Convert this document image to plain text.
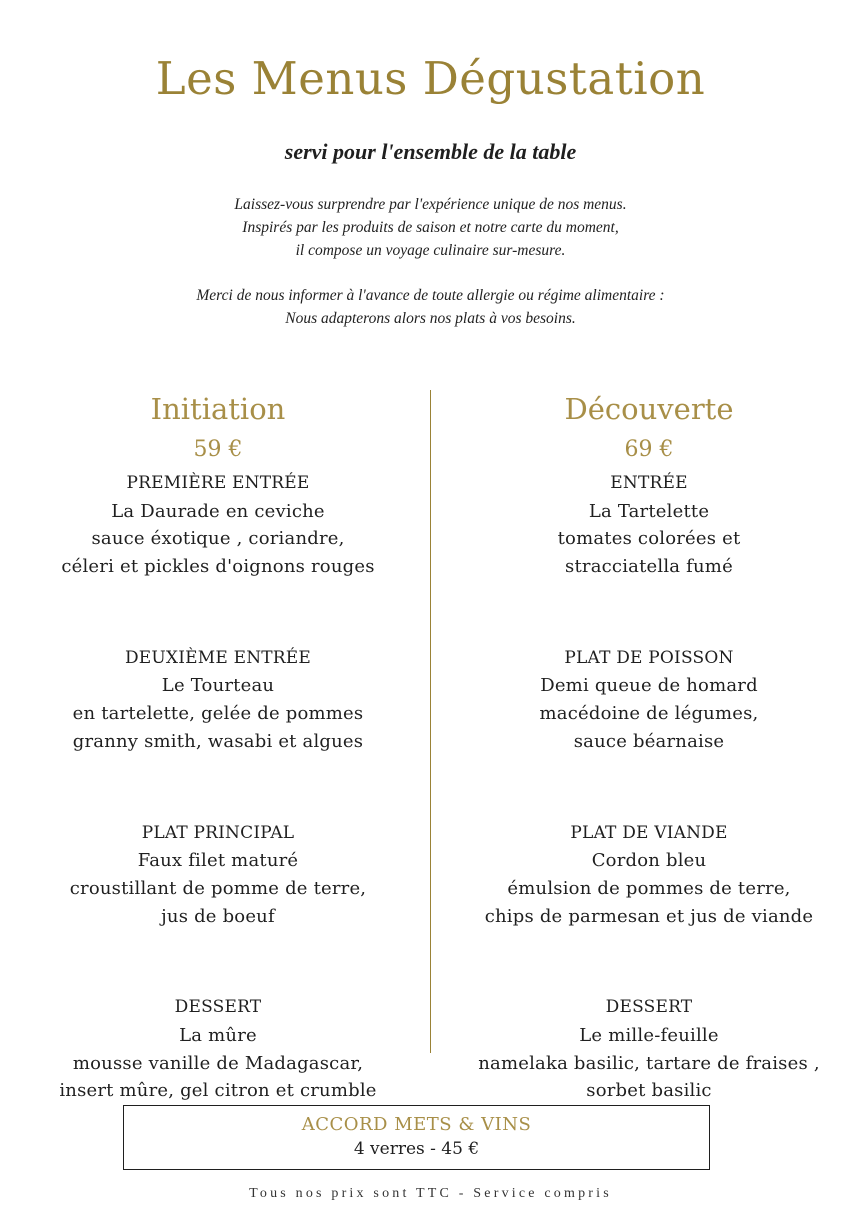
Les Menus Dégustation
servi pour l'ensemble de la table

Laissez-vous surprendre par l'expérience unique de nos menus.

Inspirés par les produits de saison et notre carte du moment,

il compose un voyage culinaire sur-mesure.

Merci de nous informer à l'avance de toute allergie ou régime alimentaire :

Nous adapterons alors nos plats à vos besoins.

Initiation
59 €
PREMIÈRE ENTRÉE
La Daurade en ceviche
sauce éxotique , coriandre,
céleri et pickles d'oignons rouges
DEUXIÈME ENTRÉE
Le Tourteau
en tartelette, gelée de pommes
granny smith, wasabi et algues
PLAT PRINCIPAL
Faux filet maturé
croustillant de pomme de terre,
jus de boeuf
DESSERT
La mûre
mousse vanille de Madagascar,
insert mûre, gel citron et crumble
Découverte
69 €
ENTRÉE
La Tartelette
tomates colorées et
stracciatella fumé
PLAT DE POISSON
Demi queue de homard
macédoine de légumes,
sauce béarnaise
PLAT DE VIANDE
Cordon bleu
émulsion de pommes de terre,
chips de parmesan et jus de viande
DESSERT
Le mille-feuille
namelaka basilic, tartare de fraises ,
sorbet basilic
ACCORD METS & VINS
4 verres - 45 €
Tous nos prix sont TTC - Service compris
